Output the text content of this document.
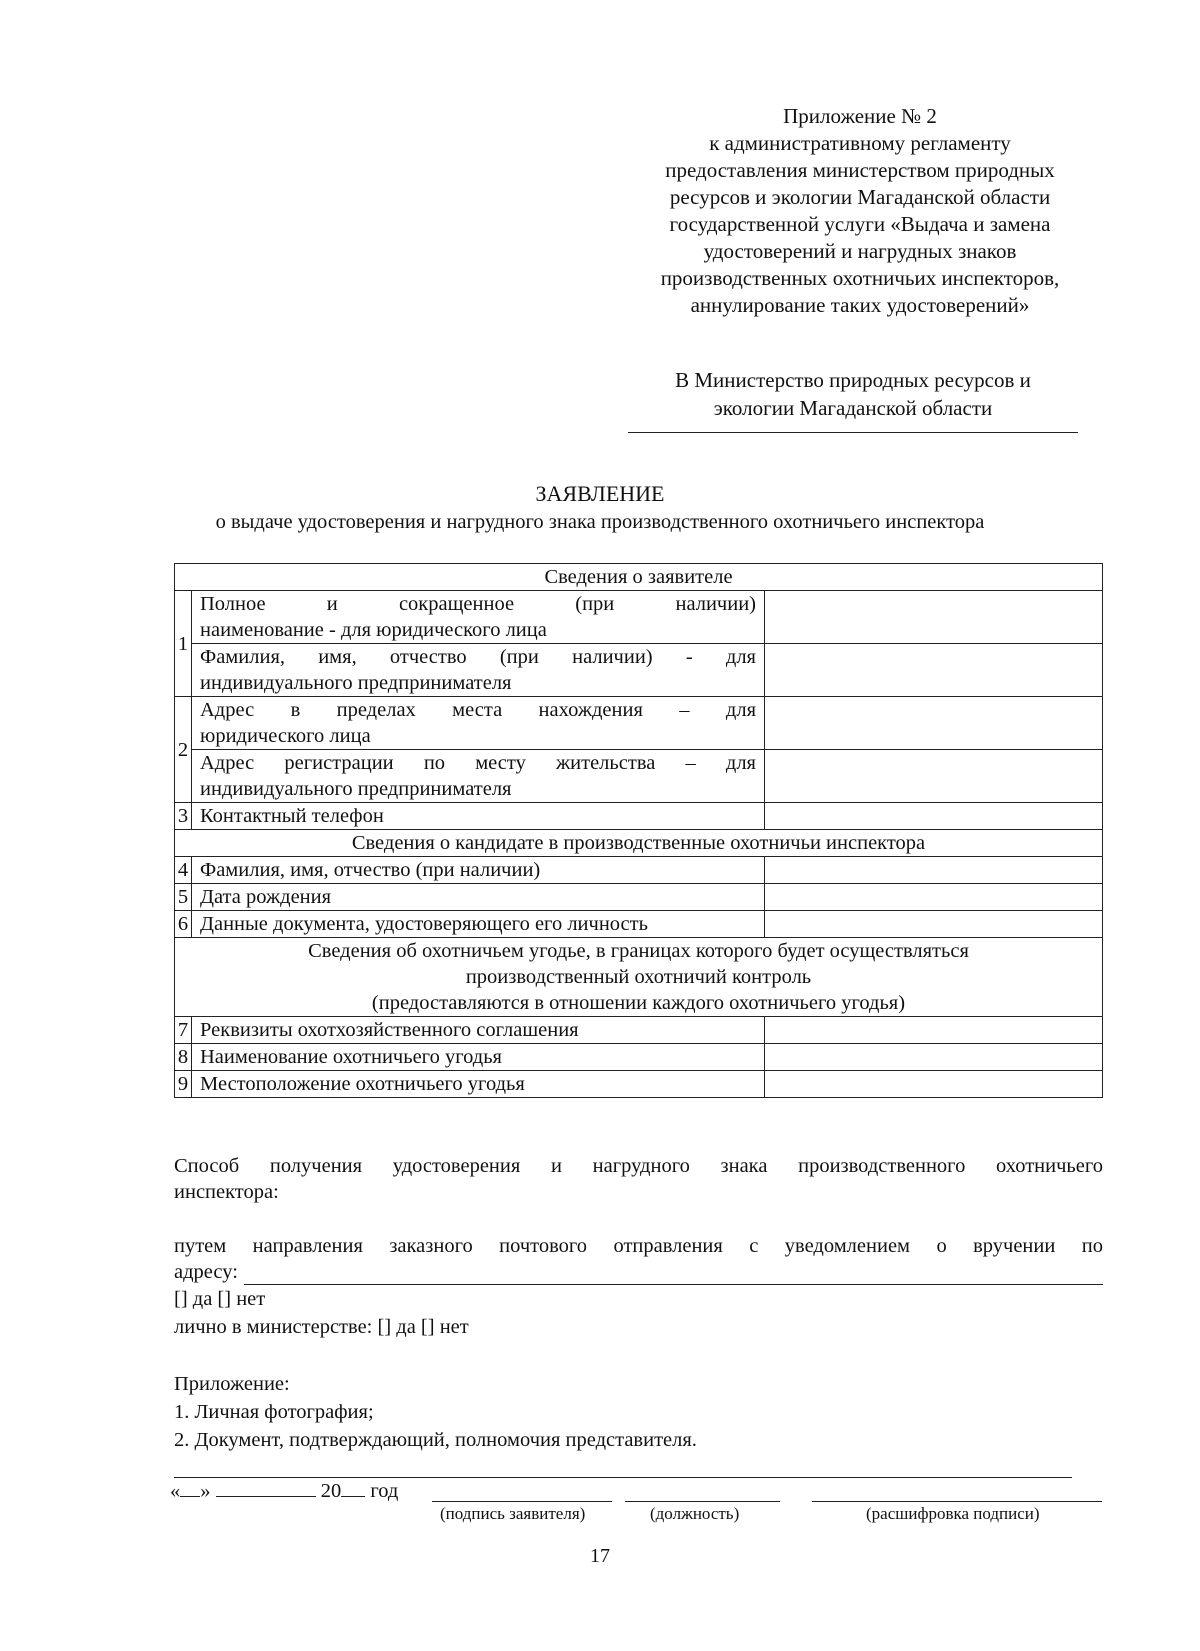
Приложение № 2
к административному регламенту
предоставления министерством природных
ресурсов и экологии Магаданской области
государственной услуги «Выдача и замена
удостоверений и нагрудных знаков
производственных охотничьих инспекторов,
аннулирование таких удостоверений»
В Министерство природных ресурсов и
экологии Магаданской области
ЗАЯВЛЕНИЕ
о выдаче удостоверения и нагрудного знака производственного охотничьего инспектора
Сведения о заявителе		
1	Полное и сокращенное (при наличии)
наименование - для юридического лица	

	Фамилия, имя, отчество (при наличии) - для
индивидуального предпринимателя	

2	Адрес в пределах места нахождения – для
юридического лица	

	Адрес регистрации по месту жительства – для
индивидуального предпринимателя	

3	Контактный телефон	
Сведения о кандидате в производственные охотничьи инспектора		
4	Фамилия, имя, отчество (при наличии)	
5	Дата рождения	
6	Данные документа, удостоверяющего его личность	

Сведения об охотничьем угодье, в границах которого будет осуществляться
производственный охотничий контроль
(предоставляются в отношении каждого охотничьего угодья)		

7	Реквизиты охотхозяйственного соглашения	
8	Наименование охотничьего угодья	
9	Местоположение охотничьего угодья	
Способ получения удостоверения и нагрудного знака производственного охотничьего
инспектора:
путем направления заказного почтового отправления с уведомлением о вручении по
адресу:
[] да [] нет
лично в министерстве: [] да [] нет
Приложение:
1. Личная фотография;
2. Документ, подтверждающий, полномочия представителя.
« »	20 год
(подпись заявителя)	(должность)	(расшифровка подписи)
17
